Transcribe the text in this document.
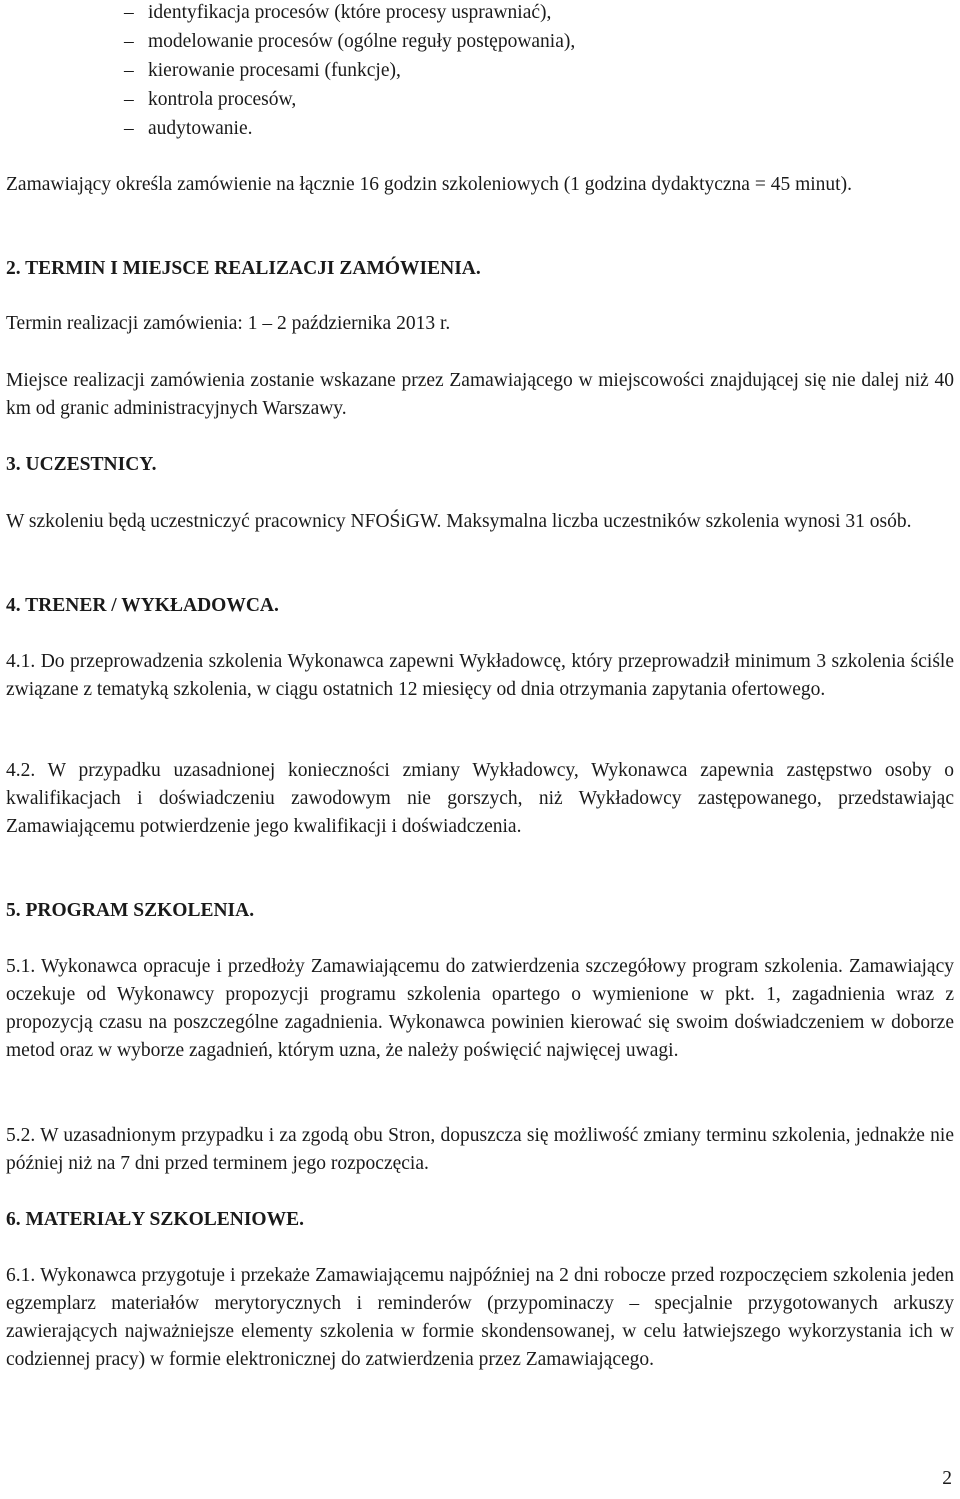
– identyfikacja procesów (które procesy usprawniać),
– modelowanie procesów (ogólne reguły postępowania),
– kierowanie procesami (funkcje),
– kontrola procesów,
– audytowanie.

Zamawiający określa zamówienie na łącznie 16 godzin szkoleniowych (1 godzina dydaktyczna = 45 minut).

2. TERMIN I MIEJSCE REALIZACJI ZAMÓWIENIA.

Termin realizacji zamówienia: 1 – 2 października 2013 r.

Miejsce realizacji zamówienia zostanie wskazane przez Zamawiającego w miejscowości znajdującej się nie dalej niż 40 km od granic administracyjnych Warszawy.

3. UCZESTNICY.

W szkoleniu będą uczestniczyć pracownicy NFOŚiGW. Maksymalna liczba uczestników szkolenia wynosi 31 osób.

4. TRENER / WYKŁADOWCA.

4.1. Do przeprowadzenia szkolenia Wykonawca zapewni Wykładowcę, który przeprowadził minimum 3 szkolenia ściśle związane z tematyką szkolenia, w ciągu ostatnich 12 miesięcy od dnia otrzymania zapytania ofertowego.

4.2. W przypadku uzasadnionej konieczności zmiany Wykładowcy, Wykonawca zapewnia zastępstwo osoby o kwalifikacjach i doświadczeniu zawodowym nie gorszych, niż Wykładowcy zastępowanego, przedstawiając Zamawiającemu potwierdzenie jego kwalifikacji i doświadczenia.

5. PROGRAM SZKOLENIA.

5.1. Wykonawca opracuje i przedłoży Zamawiającemu do zatwierdzenia szczegółowy program szkolenia. Zamawiający oczekuje od Wykonawcy propozycji programu szkolenia opartego o wymienione w pkt. 1, zagadnienia wraz z propozycją czasu na poszczególne zagadnienia. Wykonawca powinien kierować się swoim doświadczeniem w doborze metod oraz w wyborze zagadnień, którym uzna, że należy poświęcić najwięcej uwagi.

5.2. W uzasadnionym przypadku i za zgodą obu Stron, dopuszcza się możliwość zmiany terminu szkolenia, jednakże nie później niż na 7 dni przed terminem jego rozpoczęcia.

6. MATERIAŁY SZKOLENIOWE.

6.1. Wykonawca przygotuje i przekaże Zamawiającemu najpóźniej na 2 dni robocze przed rozpoczęciem szkolenia jeden egzemplarz materiałów merytorycznych i reminderów (przypominaczy – specjalnie przygotowanych arkuszy zawierających najważniejsze elementy szkolenia w formie skondensowanej, w celu łatwiejszego wykorzystania ich w codziennej pracy) w formie elektronicznej do zatwierdzenia przez Zamawiającego.

2
